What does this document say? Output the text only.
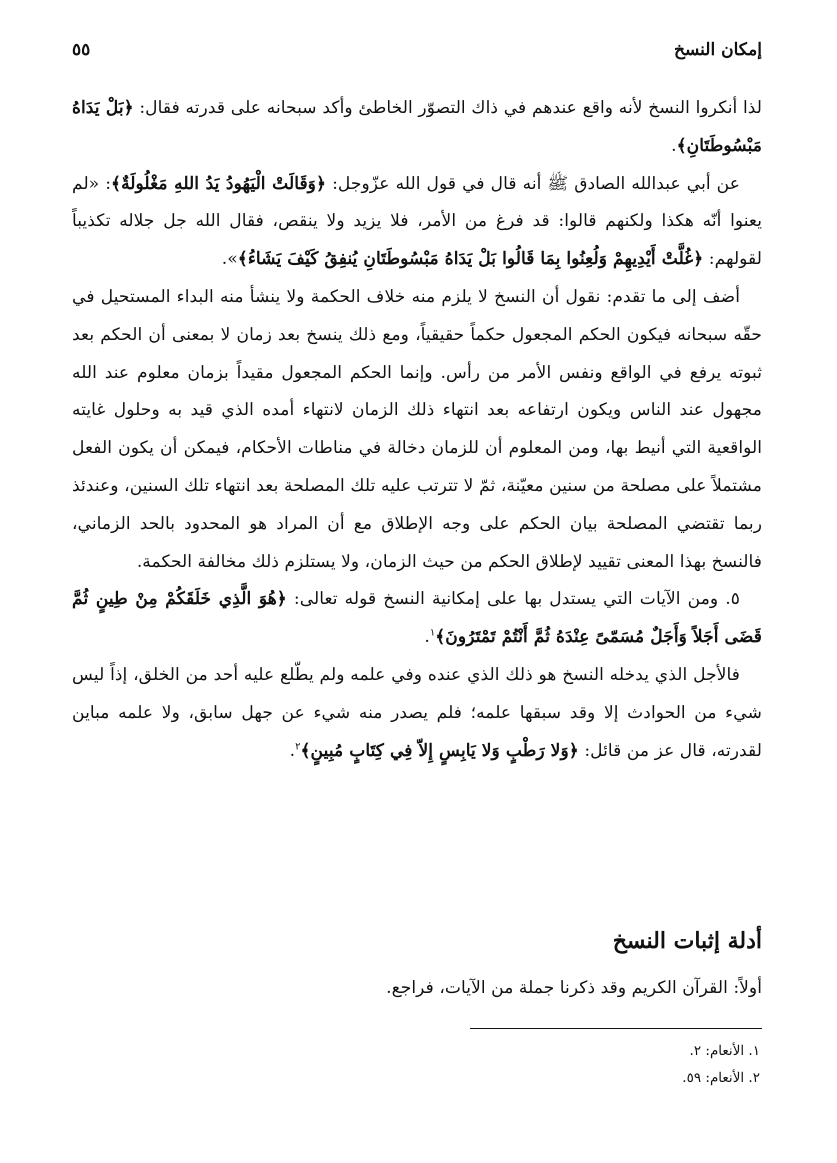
إمكان النسخ
٥٥

لذا أنكروا النسخ لأنه واقع عندهم في ذاك التصوّر الخاطئ وأكد سبحانه على قدرته فقال: ﴿بَلْ يَدَاهُ مَبْسُوطَتَانِ﴾.

عن أبي عبدالله الصادق ﷺ أنه قال في قول الله عزّوجل: ﴿وَقَالَتْ الْيَهُودُ يَدُ اللهِ مَغْلُولَةٌ﴾: «لم يعنوا أنّه هكذا ولكنهم قالوا: قد فرغ من الأمر، فلا يزيد ولا ينقص، فقال الله جل جلاله تكذيباً لقولهم: ﴿غُلَّتْ أَيْدِيهِمْ وَلُعِنُوا بِمَا قَالُوا بَلْ يَدَاهُ مَبْسُوطَتَانِ يُنفِقُ كَيْفَ يَشَاءُ﴾».

أضف إلى ما تقدم: نقول أن النسخ لا يلزم منه خلاف الحكمة ولا ينشأ منه البداء المستحيل في حقّه سبحانه فيكون الحكم المجعول حكماً حقيقياً، ومع ذلك ينسخ بعد زمان لا بمعنى أن الحكم بعد ثبوته يرفع في الواقع ونفس الأمر من رأس. وإنما الحكم المجعول مقيداً بزمان معلوم عند الله مجهول عند الناس ويكون ارتفاعه بعد انتهاء ذلك الزمان لانتهاء أمده الذي قيد به وحلول غايته الواقعية التي أنيط بها، ومن المعلوم أن للزمان دخالة في مناطات الأحكام، فيمكن أن يكون الفعل مشتملاً على مصلحة من سنين معيّنة، ثمّ لا تترتب عليه تلك المصلحة بعد انتهاء تلك السنين، وعندئذ ربما تقتضي المصلحة بيان الحكم على وجه الإطلاق مع أن المراد هو المحدود بالحد الزماني، فالنسخ بهذا المعنى تقييد لإطلاق الحكم من حيث الزمان، ولا يستلزم ذلك مخالفة الحكمة.

٥. ومن الآيات التي يستدل بها على إمكانية النسخ قوله تعالى: ﴿هُوَ الَّذِي خَلَقَكُمْ مِنْ طِينٍ ثُمَّ قَضَى أَجَلاً وَأَجَلٌ مُسَمّىً عِنْدَهُ ثُمَّ أَنْتُمْ تَمْتَرُونَ﴾$^١$.

فالأجل الذي يدخله النسخ هو ذلك الذي عنده وفي علمه ولم يطّلع عليه أحد من الخلق، إذاً ليس شيء من الحوادث إلا وقد سبقها علمه؛ فلم يصدر منه شيء عن جهل سابق، ولا علمه مباين لقدرته، قال عز من قائل: ﴿وَلا رَطْبٍ وَلا يَابِسٍ إِلاّ فِي كِتَابٍ مُبِينٍ﴾$^٢$.

أدلة إثبات النسخ
أولاً: القرآن الكريم وقد ذكرنا جملة من الآيات، فراجع.
١. الأنعام: ٢.
٢. الأنعام: ٥٩.
